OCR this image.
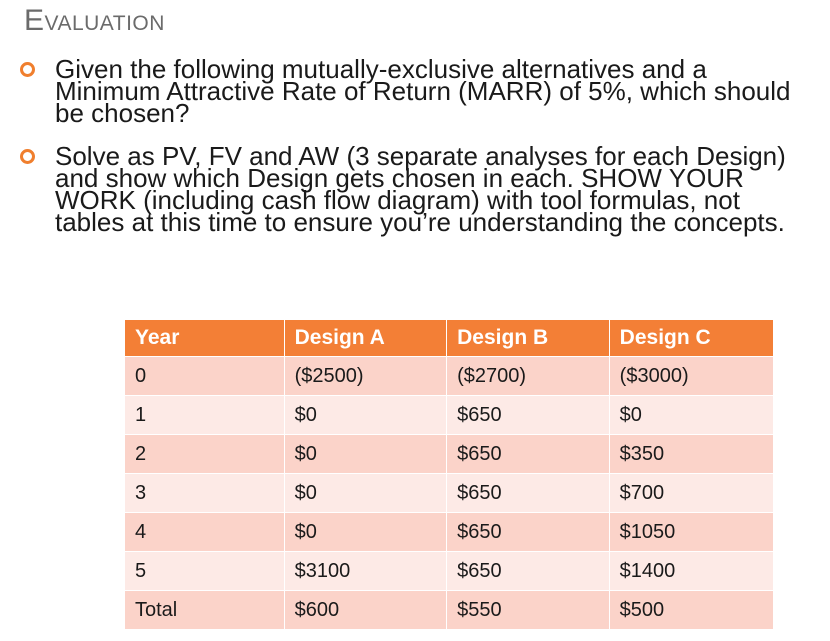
Evaluation
Given the following mutually-exclusive alternatives and a Minimum Attractive Rate of Return (MARR) of 5%, which should be chosen?
Solve as PV, FV and AW (3 separate analyses for each Design) and show which Design gets chosen in each. SHOW YOUR WORK (including cash flow diagram) with tool formulas, not tables at this time to ensure you’re understanding the concepts.
Year	Design A	Design B	Design C
0	($2500)	($2700)	($3000)
1	$0	$650	$0
2	$0	$650	$350
3	$0	$650	$700
4	$0	$650	$1050
5	$3100	$650	$1400
Total	$600	$550	$500
